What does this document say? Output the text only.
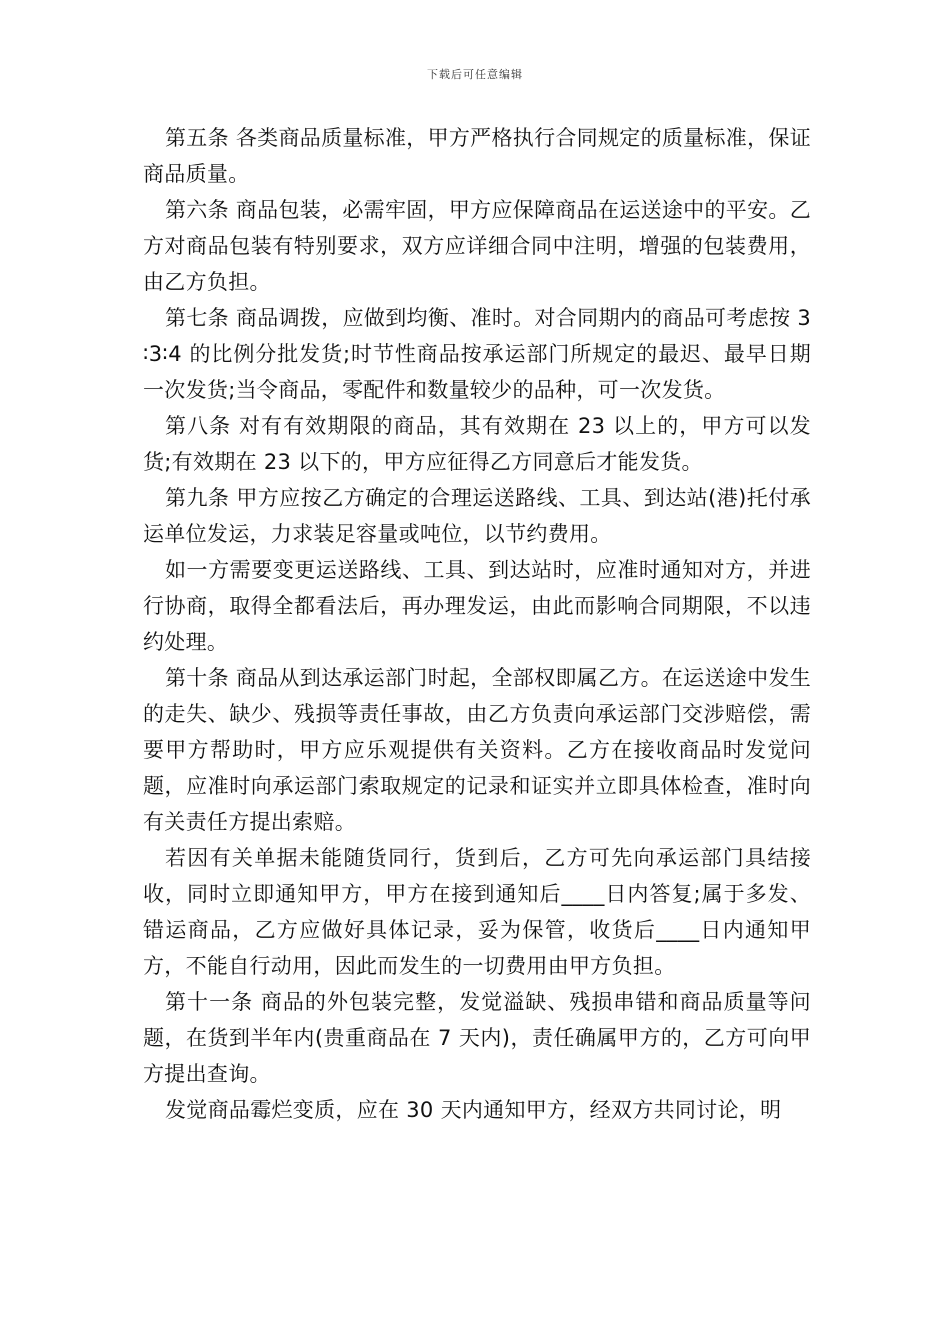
下载后可任意编辑

第五条 各类商品质量标准，甲方严格执行合同规定的质量标准，保证商品质量。

第六条 商品包装，必需牢固，甲方应保障商品在运送途中的平安。乙方对商品包装有特别要求，双方应详细合同中注明，增强的包装费用，由乙方负担。

第七条 商品调拨，应做到均衡、准时。对合同期内的商品可考虑按 3∶3∶4 的比例分批发货;时节性商品按承运部门所规定的最迟、最早日期一次发货;当令商品，零配件和数量较少的品种，可一次发货。

第八条 对有有效期限的商品，其有效期在 23 以上的，甲方可以发货;有效期在 23 以下的，甲方应征得乙方同意后才能发货。

第九条 甲方应按乙方确定的合理运送路线、工具、到达站(港)托付承运单位发运，力求装足容量或吨位，以节约费用。

如一方需要变更运送路线、工具、到达站时，应准时通知对方，并进行协商，取得全都看法后，再办理发运，由此而影响合同期限，不以违约处理。

第十条 商品从到达承运部门时起，全部权即属乙方。在运送途中发生的走失、缺少、残损等责任事故，由乙方负责向承运部门交涉赔偿，需要甲方帮助时，甲方应乐观提供有关资料。乙方在接收商品时发觉问题，应准时向承运部门索取规定的记录和证实并立即具体检查，准时向有关责任方提出索赔。

若因有关单据未能随货同行，货到后，乙方可先向承运部门具结接收，同时立即通知甲方，甲方在接到通知后____日内答复;属于多发、错运商品，乙方应做好具体记录，妥为保管，收货后____日内通知甲方，不能自行动用，因此而发生的一切费用由甲方负担。

第十一条 商品的外包装完整，发觉溢缺、残损串错和商品质量等问题，在货到半年内(贵重商品在 7 天内)，责任确属甲方的，乙方可向甲方提出查询。

发觉商品霉烂变质，应在 30 天内通知甲方，经双方共同讨论，明
